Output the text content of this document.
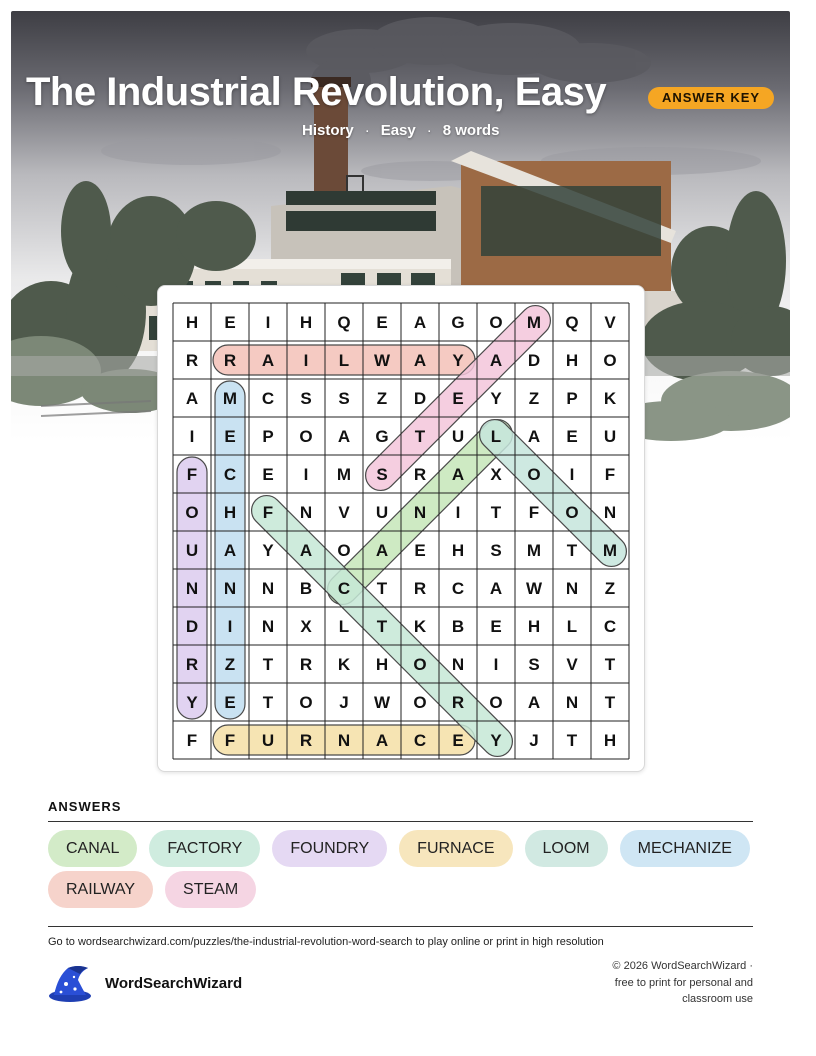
The Industrial Revolution, Easy	ANSWER KEY
History · Easy · 8 words
H E I H Q E A G O M Q V
R R A I L W A Y A D H O
A M C S S Z D E Y Z P K
I E P O A G T U L A E U
F C E I M S R A X O I F
O H F N V U N I T F O N
U A Y A O A E H S M T M
N N N B C T R C A W N Z
D I N X L T K B E H L C
R Z T R K H O N I S V T
Y E T O J W O R O A N T
F F U R N A C E Y J T H
ANSWERS
CANAL	FACTORY	FOUNDRY	FURNACE	LOOM	MECHANIZE
RAILWAY	STEAM
Go to wordsearchwizard.com/puzzles/the-industrial-revolution-word-search to play online or print in high resolution
WordSearchWizard
© 2026 WordSearchWizard ·
free to print for personal and
classroom use
